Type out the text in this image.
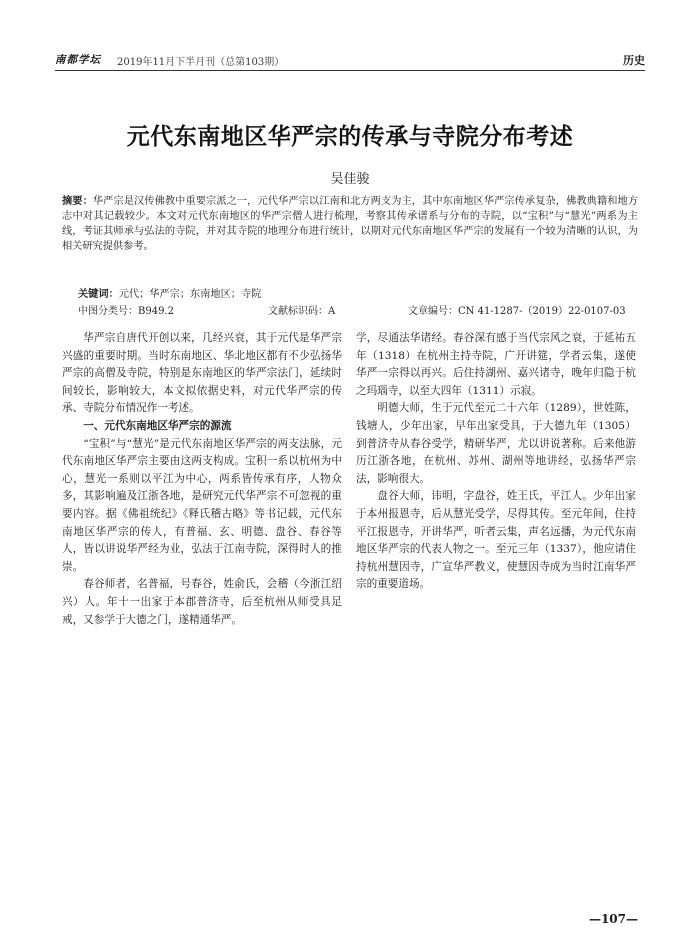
南都学坛 2019年11月下半月刊（总第103期）	历史
元代东南地区华严宗的传承与寺院分布考述
吴佳骏
摘要：华严宗是汉传佛教中重要宗派之一，元代华严宗以江南和北方两支为主，其中东南地区华严宗传承复杂，佛教典籍和地方志中对其记载较少。本文对元代东南地区的华严宗僧人进行梳理，考察其传承谱系与分布的寺院，以“宝积”与“慧光”两系为主线，考证其师承与弘法的寺院，并对其寺院的地理分布进行统计，以期对元代东南地区华严宗的发展有一个较为清晰的认识，为相关研究提供参考。
关键词：元代；华严宗；东南地区；寺院
中图分类号：B949.2	文献标识码：A	文章编号：CN 41-1287-（2019）22-0107-03

华严宗自唐代开创以来，几经兴衰，其于元代是华严宗兴盛的重要时期。当时东南地区、华北地区都有不少弘扬华严宗的高僧及寺院，特别是东南地区的华严宗法门，延续时间较长，影响较大，本文拟依据史料，对元代华严宗的传承、寺院分布情况作一考述。

一、元代东南地区华严宗的源流

“宝积”与“慧光”是元代东南地区华严宗的两支法脉，元代东南地区华严宗主要由这两支构成。宝积一系以杭州为中心，慧光一系则以平江为中心，两系皆传承有序，人物众多，其影响遍及江浙各地，是研究元代华严宗不可忽视的重要内容。据《佛祖统纪》《释氏稽古略》等书记载，元代东南地区华严宗的传人，有普福、玄、明德、盘谷、春谷等人，皆以讲说华严经为业，弘法于江南寺院，深得时人的推崇。

春谷师者，名普福，号春谷，姓俞氏，会稽（今浙江绍兴）人。年十一出家于本郡普济寺，后至杭州从师受具足戒，又参学于大德之门，遂精通华严。

学，尽通法华诸经。春谷深有感于当代宗风之衰，于延祐五年（1318）在杭州主持寺院，广开讲筵，学者云集，遂使华严一宗得以再兴。后住持湖州、嘉兴诸寺，晚年归隐于杭之玛瑙寺，以至大四年（1311）示寂。

明德大师，生于元代至元二十六年（1289），世姓陈，钱塘人，少年出家，早年出家受具，于大德九年（1305）到普济寺从春谷受学，精研华严，尤以讲说著称。后来他游历江浙各地，在杭州、苏州、湖州等地讲经，弘扬华严宗法，影响很大。

盘谷大师，讳明，字盘谷，姓王氏，平江人。少年出家于本州报恩寺，后从慧光受学，尽得其传。至元年间，住持平江报恩寺，开讲华严，听者云集，声名远播，为元代东南地区华严宗的代表人物之一。至元三年（1337），他应请住持杭州慧因寺，广宣华严教义，使慧因寺成为当时江南华严宗的重要道场。

—107—
